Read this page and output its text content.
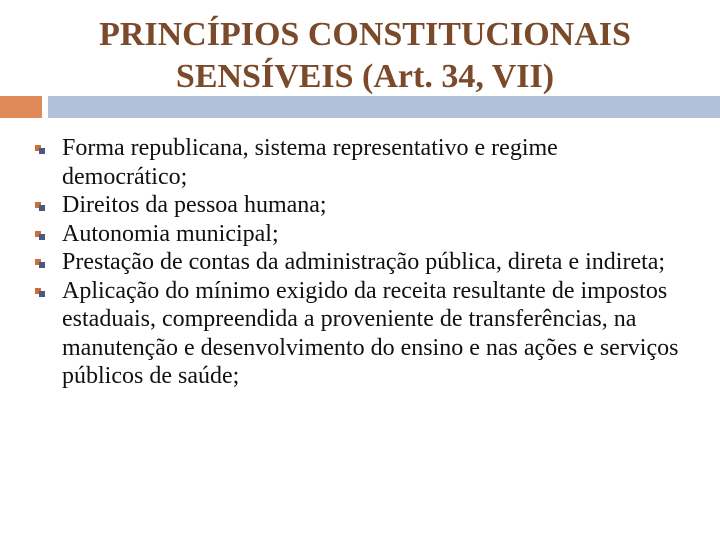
PRINCÍPIOS CONSTITUCIONAIS
SENSÍVEIS (Art. 34, VII)
Forma republicana, sistema representativo e regime democrático;
Direitos da pessoa humana;
Autonomia municipal;
Prestação de contas da administração pública, direta e indireta;
Aplicação do mínimo exigido da receita resultante de impostos estaduais, compreendida a proveniente de transferências, na manutenção e desenvolvimento do ensino e nas ações e serviços públicos de saúde;
